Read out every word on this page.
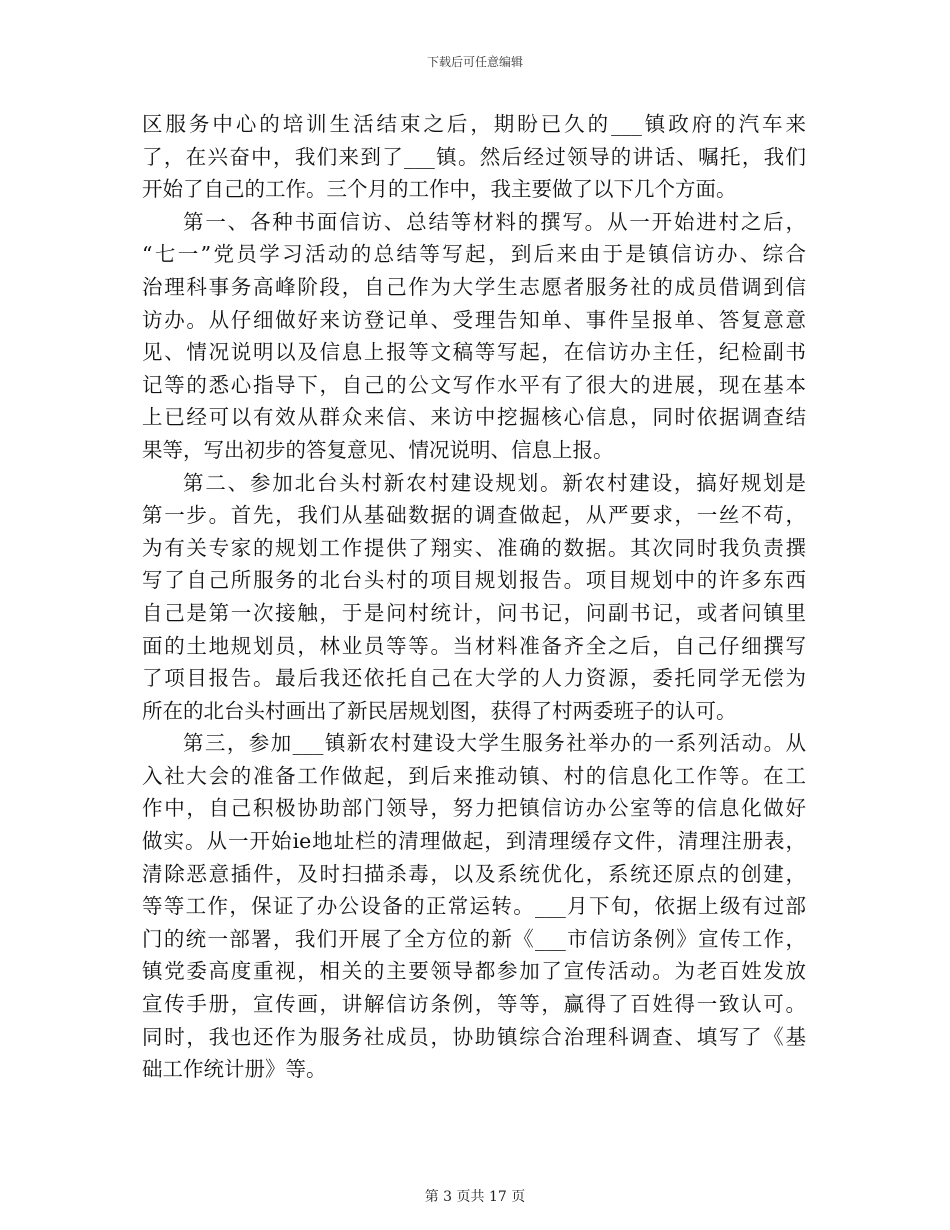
下载后可任意编辑
区服务中心的培训生活结束之后，期盼已久的___镇政府的汽车来
了，在兴奋中，我们来到了___镇。然后经过领导的讲话、嘱托，我们
开始了自己的工作。三个月的工作中，我主要做了以下几个方面。
第一、各种书面信访、总结等材料的撰写。从一开始进村之后，
“七一”党员学习活动的总结等写起，到后来由于是镇信访办、综合
治理科事务高峰阶段，自己作为大学生志愿者服务社的成员借调到信
访办。从仔细做好来访登记单、受理告知单、事件呈报单、答复意意
见、情况说明以及信息上报等文稿等写起，在信访办主任，纪检副书
记等的悉心指导下，自己的公文写作水平有了很大的进展，现在基本
上已经可以有效从群众来信、来访中挖掘核心信息，同时依据调查结
果等，写出初步的答复意见、情况说明、信息上报。
第二、参加北台头村新农村建设规划。新农村建设，搞好规划是
第一步。首先，我们从基础数据的调查做起，从严要求，一丝不苟，
为有关专家的规划工作提供了翔实、准确的数据。其次同时我负责撰
写了自己所服务的北台头村的项目规划报告。项目规划中的许多东西
自己是第一次接触，于是问村统计，问书记，问副书记，或者问镇里
面的土地规划员，林业员等等。当材料准备齐全之后，自己仔细撰写
了项目报告。最后我还依托自己在大学的人力资源，委托同学无偿为
所在的北台头村画出了新民居规划图，获得了村两委班子的认可。
第三，参加___镇新农村建设大学生服务社举办的一系列活动。从
入社大会的准备工作做起，到后来推动镇、村的信息化工作等。在工
作中，自己积极协助部门领导，努力把镇信访办公室等的信息化做好
做实。从一开始ie地址栏的清理做起，到清理缓存文件，清理注册表，
清除恶意插件，及时扫描杀毒，以及系统优化，系统还原点的创建，
等等工作，保证了办公设备的正常运转。___月下旬，依据上级有过部
门的统一部署，我们开展了全方位的新《___市信访条例》宣传工作，
镇党委高度重视，相关的主要领导都参加了宣传活动。为老百姓发放
宣传手册，宣传画，讲解信访条例，等等，赢得了百姓得一致认可。
同时，我也还作为服务社成员，协助镇综合治理科调查、填写了《基
础工作统计册》等。
第 3 页共 17 页
